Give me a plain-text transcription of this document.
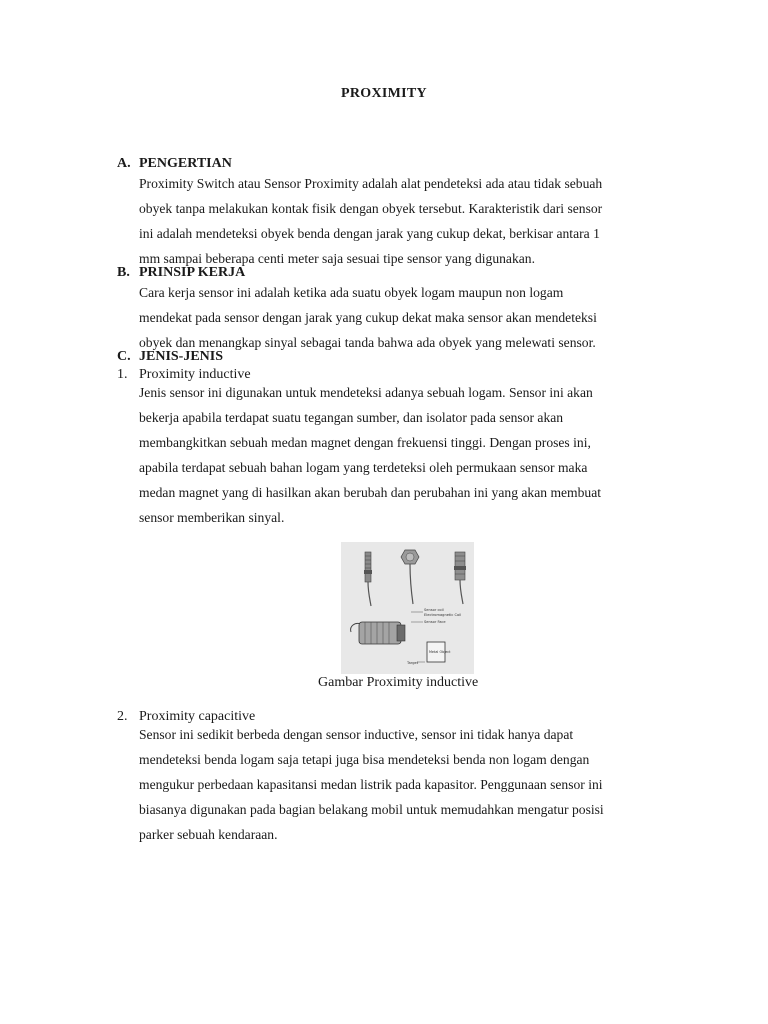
PROXIMITY
A. PENGERTIAN
Proximity Switch atau Sensor Proximity adalah alat pendeteksi ada atau tidak sebuah
obyek tanpa melakukan kontak fisik dengan obyek tersebut. Karakteristik dari sensor
ini adalah mendeteksi obyek benda dengan jarak yang cukup dekat, berkisar antara 1
mm sampai beberapa centi meter saja sesuai tipe sensor yang digunakan.
B. PRINSIP KERJA
Cara kerja sensor ini adalah ketika ada suatu obyek logam maupun non logam
mendekat pada sensor dengan jarak yang cukup dekat maka sensor akan mendeteksi
obyek dan menangkap sinyal sebagai tanda bahwa ada obyek yang melewati sensor.
C. JENIS-JENIS
1. Proximity inductive
Jenis sensor ini digunakan untuk mendeteksi adanya sebuah logam. Sensor ini akan
bekerja apabila terdapat suatu tegangan sumber, dan isolator pada sensor akan
membangkitkan sebuah medan magnet dengan frekuensi tinggi. Dengan proses ini,
apabila terdapat sebuah bahan logam yang terdeteksi oleh permukaan sensor maka
medan magnet yang di hasilkan akan berubah dan perubahan ini yang akan membuat
sensor memberikan sinyal.
Sensor coil
Electromagnetic Coil
Sensor Face
Metal Object
Target
Gambar Proximity inductive
2. Proximity capacitive
Sensor ini sedikit berbeda dengan sensor inductive, sensor ini tidak hanya dapat
mendeteksi benda logam saja tetapi juga bisa mendeteksi benda non logam dengan
mengukur perbedaan kapasitansi medan listrik pada kapasitor. Penggunaan sensor ini
biasanya digunakan pada bagian belakang mobil untuk memudahkan mengatur posisi
parker sebuah kendaraan.
